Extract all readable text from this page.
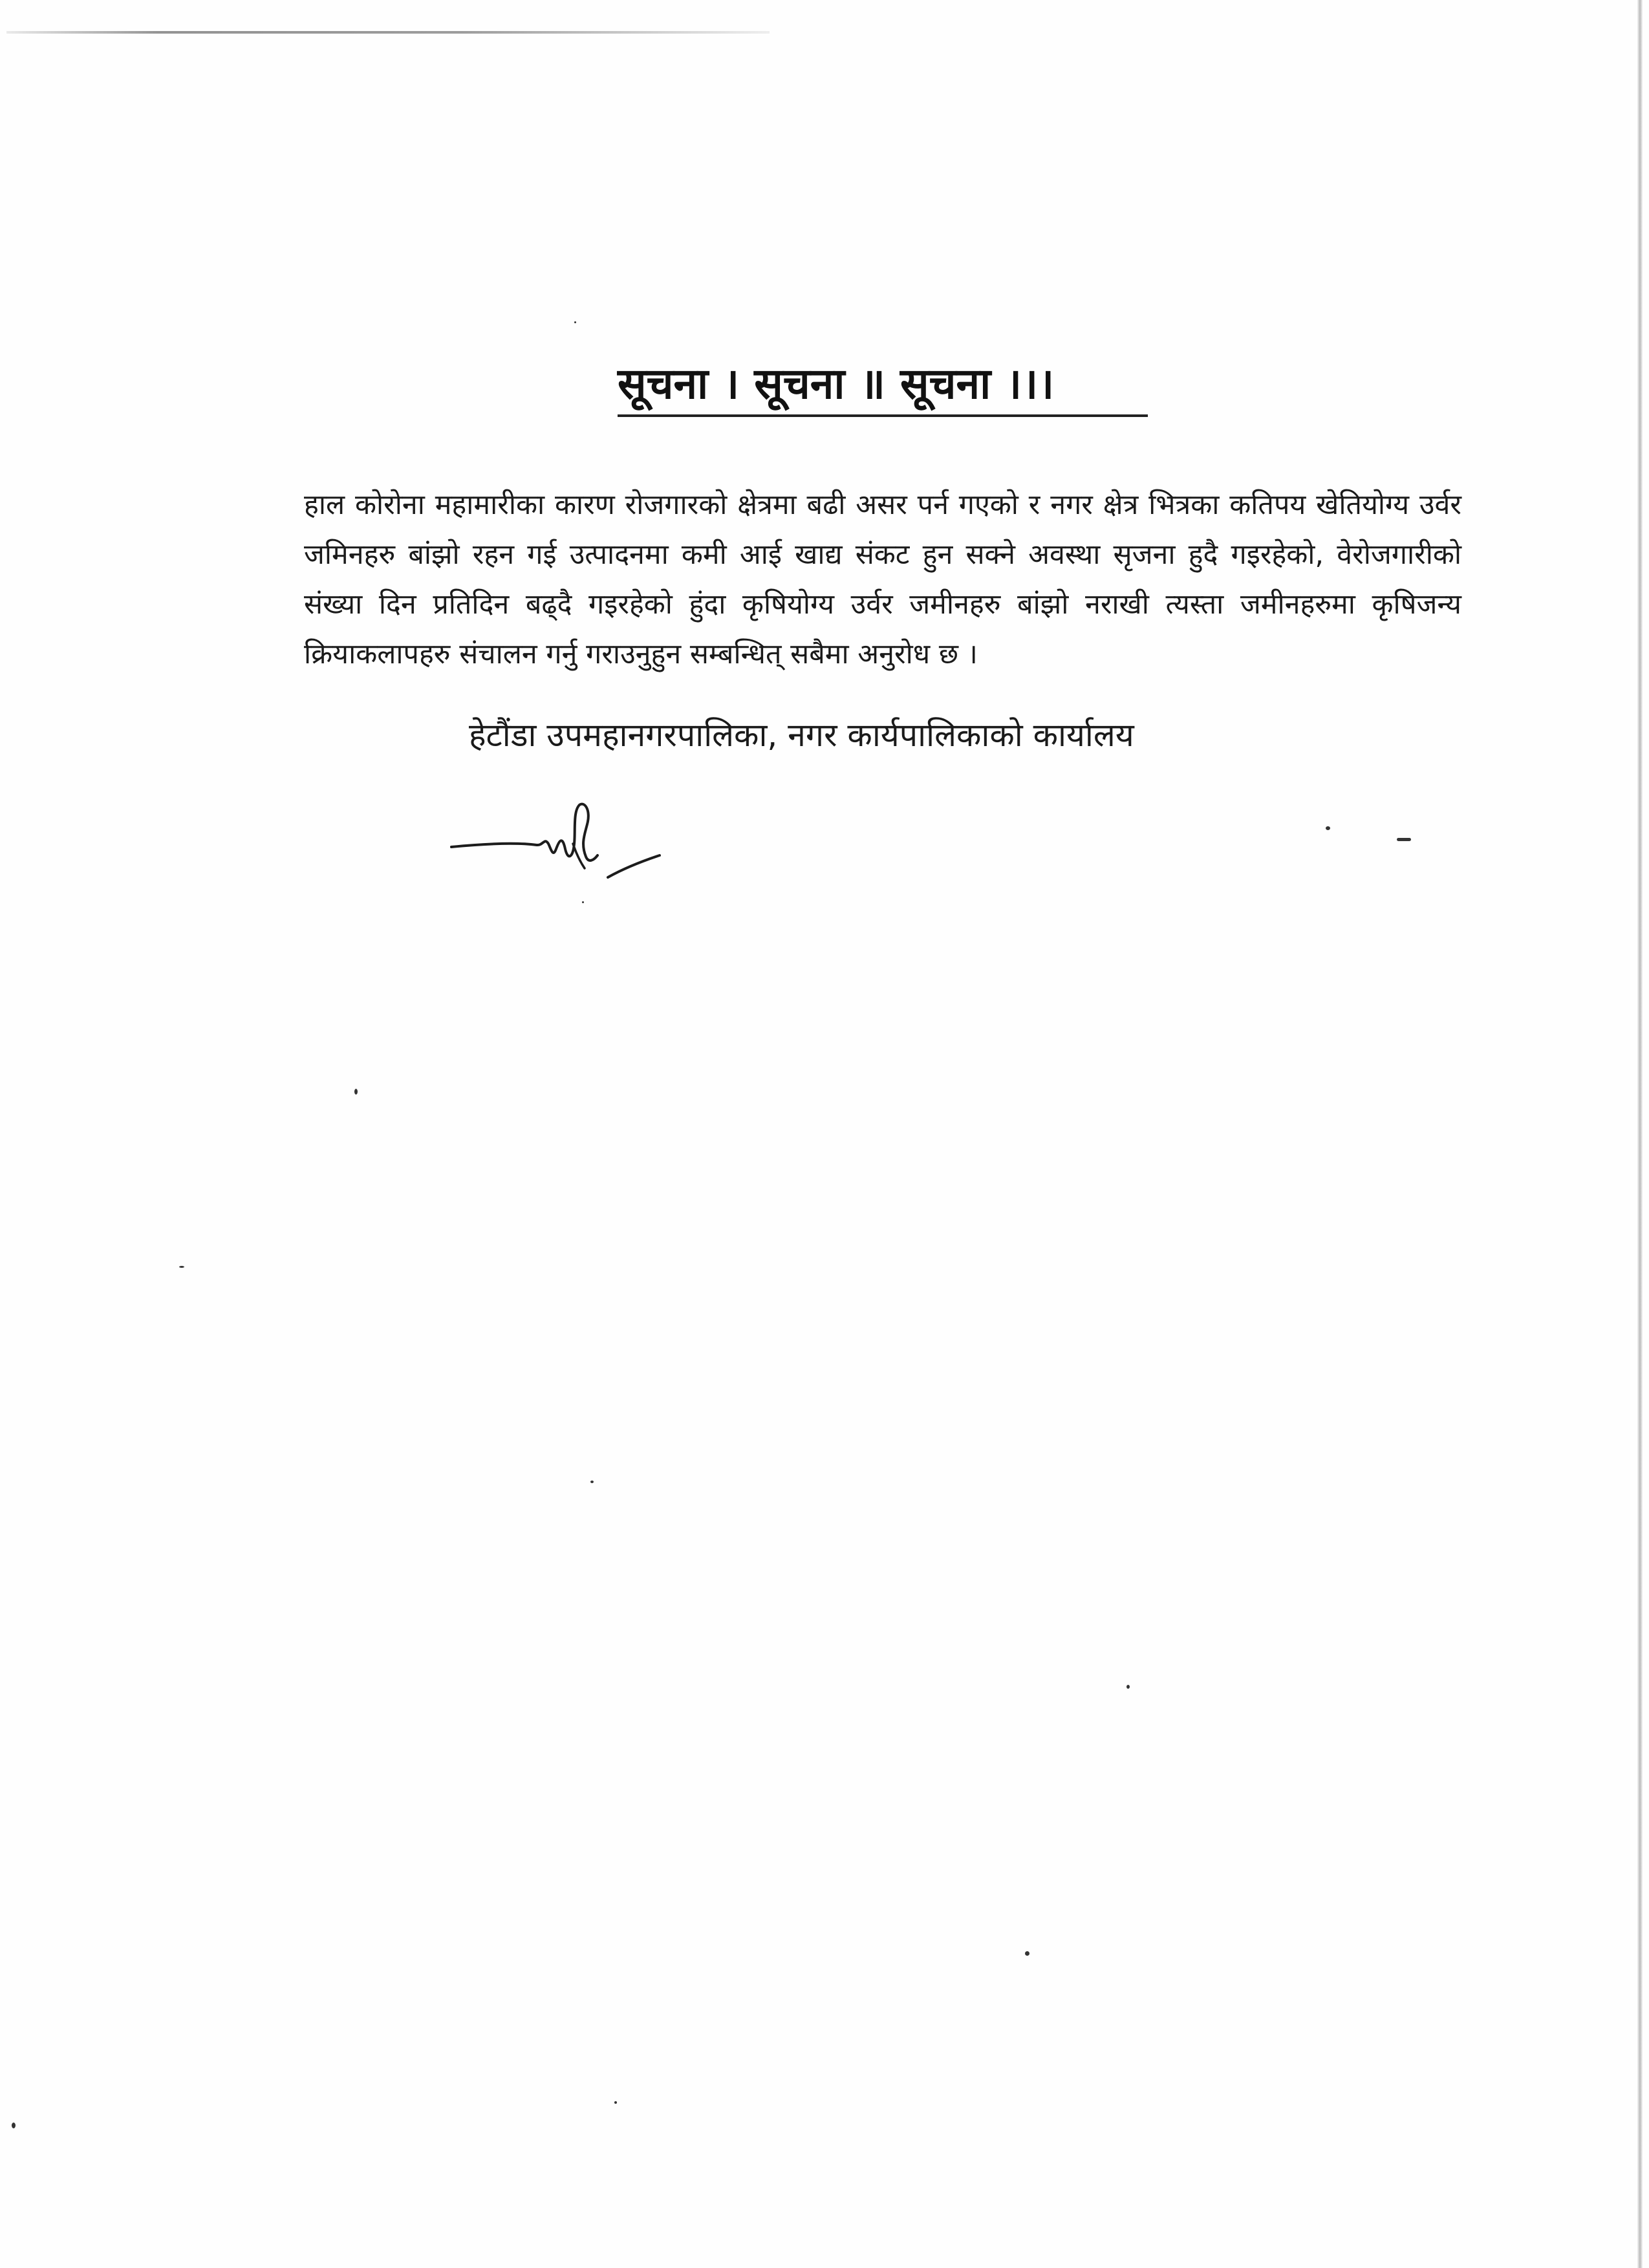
सूचना । सूचना ॥ सूचना ।।।

हाल कोरोना महामारीका कारण रोजगारको क्षेत्रमा बढी असर पर्न गएको र नगर क्षेत्र भित्रका कतिपय खेतियोग्य उर्वर जमिनहरु बांझो रहन गई उत्पादनमा कमी आई खाद्य संकट हुन सक्ने अवस्था सृजना हुदै गइरहेको, वेरोजगारीको संख्या दिन प्रतिदिन बढ्दै गइरहेको हुंदा कृषियोग्य उर्वर जमीनहरु बांझो नराखी त्यस्ता जमीनहरुमा कृषिजन्य क्रियाकलापहरु संचालन गर्नु गराउनुहुन सम्बन्धित् सबैमा अनुरोध छ ।

हेटौंडा उपमहानगरपालिका, नगर कार्यपालिकाको कार्यालय
